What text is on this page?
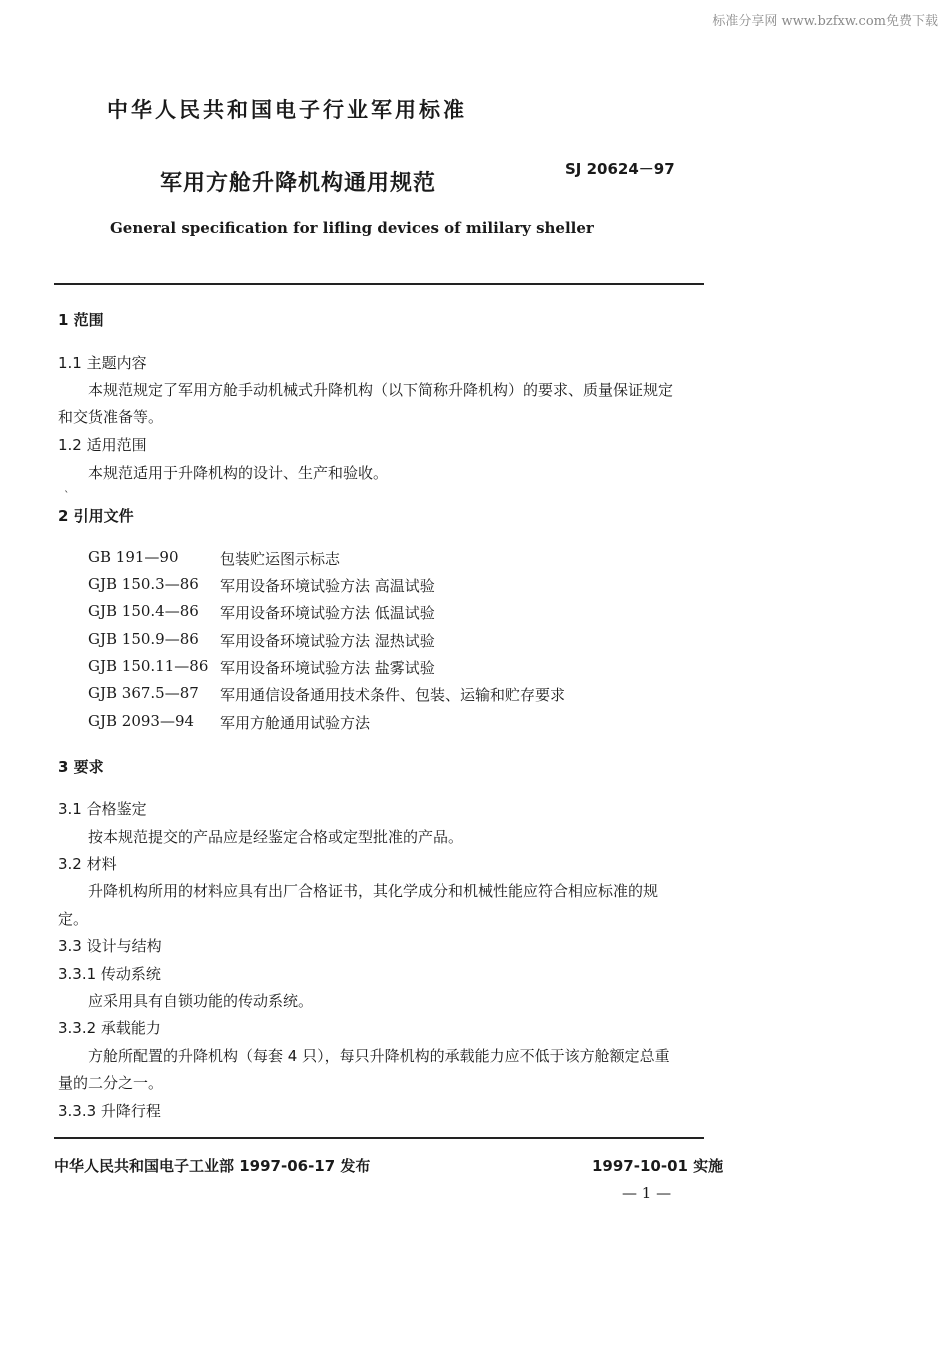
标准分享网 www.bzfxw.com免费下载
中华人民共和国电子行业军用标准
军用方舱升降机构通用规范
SJ 20624－97
General specification for lifling devices of mililary sheller
1 范围
1.1 主题内容
本规范规定了军用方舱手动机械式升降机构（以下简称升降机构）的要求、质量保证规定
和交货准备等。
1.2 适用范围
本规范适用于升降机构的设计、生产和验收。
ˎ
2 引用文件
GB 191—90	包装贮运图示标志
GJB 150.3—86 军用设备环境试验方法 高温试验
GJB 150.4—86 军用设备环境试验方法 低温试验
GJB 150.9—86 军用设备环境试验方法 湿热试验
GJB 150.11—86 军用设备环境试验方法 盐雾试验
GJB 367.5—87 军用通信设备通用技术条件、包装、运输和贮存要求
GJB 2093—94 军用方舱通用试验方法
3 要求
3.1 合格鉴定
按本规范提交的产品应是经鉴定合格或定型批准的产品。
3.2 材料
升降机构所用的材料应具有出厂合格证书，其化学成分和机械性能应符合相应标准的规
定。
3.3 设计与结构
3.3.1 传动系统
应采用具有自锁功能的传动系统。
3.3.2 承载能力
方舱所配置的升降机构（每套 4 只），每只升降机构的承载能力应不低于该方舱额定总重
量的二分之一。
3.3.3 升降行程
中华人民共和国电子工业部 1997-06-17 发布	1997-10-01 实施
— 1 —
